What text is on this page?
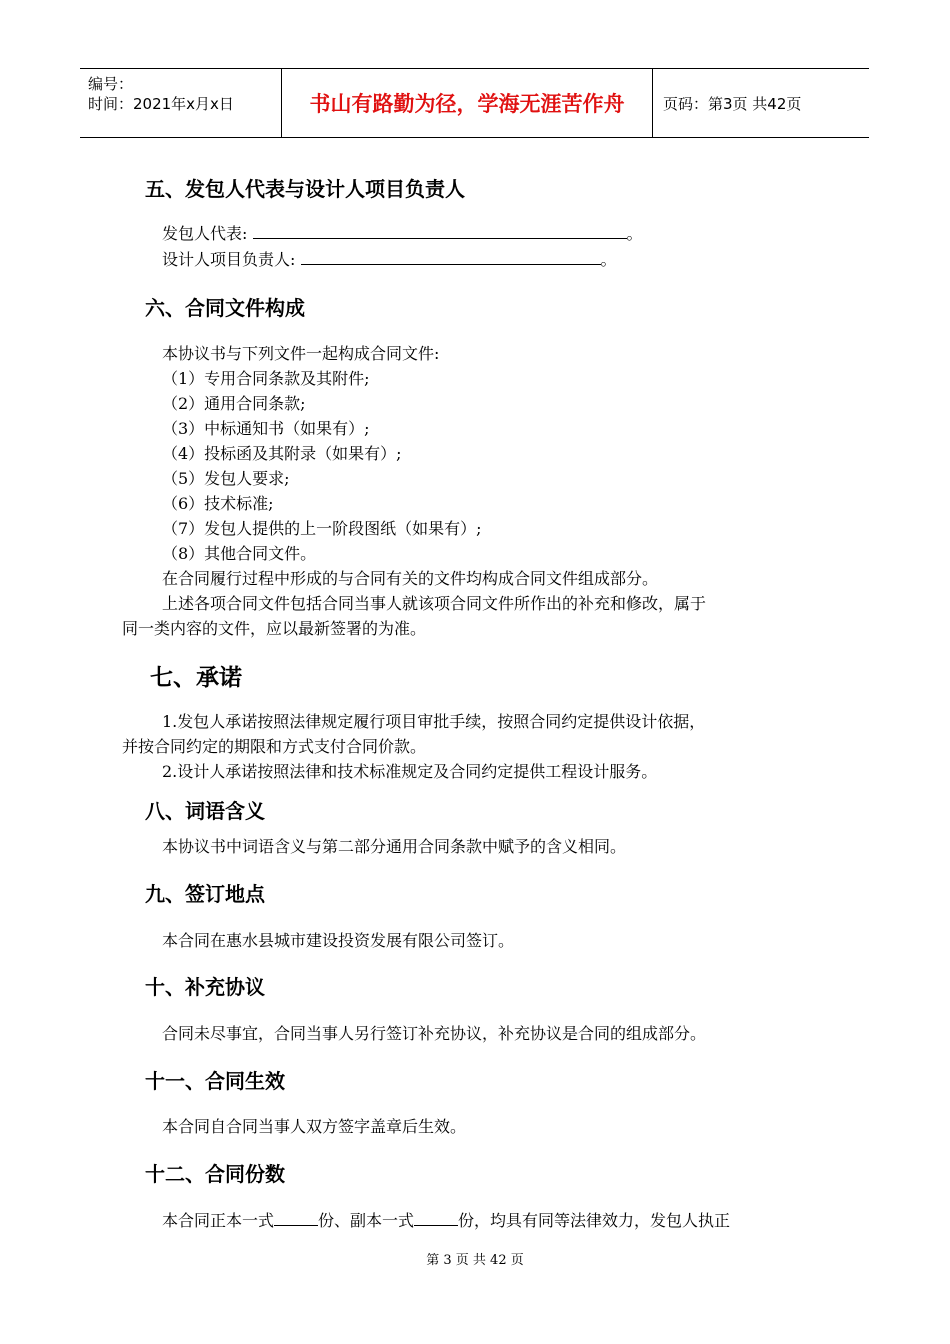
编号：
时间：2021年x月x日	书山有路勤为径，学海无涯苦作舟	页码：第3页 共42页
五、发包人代表与设计人项目负责人
发包人代表:	。
设计人项目负责人:	。
六、合同文件构成
本协议书与下列文件一起构成合同文件:
（1）专用合同条款及其附件;
（2）通用合同条款;
（3）中标通知书（如果有）;
（4）投标函及其附录（如果有）;
（5）发包人要求;
（6）技术标准;
（7）发包人提供的上一阶段图纸（如果有）;
（8）其他合同文件。
在合同履行过程中形成的与合同有关的文件均构成合同文件组成部分。
上述各项合同文件包括合同当事人就该项合同文件所作出的补充和修改，属于
同一类内容的文件，应以最新签署的为准。
七、承诺
1.发包人承诺按照法律规定履行项目审批手续，按照合同约定提供设计依据，
并按合同约定的期限和方式支付合同价款。
2.设计人承诺按照法律和技术标准规定及合同约定提供工程设计服务。
八、词语含义
本协议书中词语含义与第二部分通用合同条款中赋予的含义相同。
九、签订地点
本合同在惠水县城市建设投资发展有限公司签订。
十、补充协议
合同未尽事宜，合同当事人另行签订补充协议，补充协议是合同的组成部分。
十一、合同生效
本合同自合同当事人双方签字盖章后生效。
十二、合同份数
本合同正本一式	份、副本一式	份，均具有同等法律效力，发包人执正
第 3 页 共 42 页
